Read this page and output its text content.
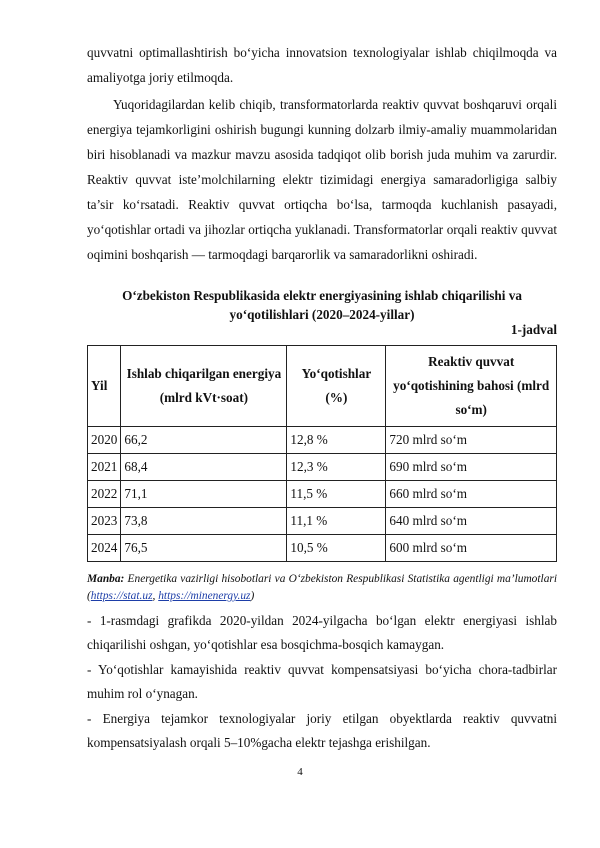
quvvatni optimallashtirish bo‘yicha innovatsion texnologiyalar ishlab chiqilmoqda va amaliyotga joriy etilmoqda.

Yuqoridagilardan kelib chiqib, transformatorlarda reaktiv quvvat boshqaruvi orqali energiya tejamkorligini oshirish bugungi kunning dolzarb ilmiy-amaliy muammolaridan biri hisoblanadi va mazkur mavzu asosida tadqiqot olib borish juda muhim va zarurdir. Reaktiv quvvat iste’molchilarning elektr tizimidagi energiya samaradorligiga salbiy ta’sir ko‘rsatadi. Reaktiv quvvat ortiqcha bo‘lsa, tarmoqda kuchlanish pasayadi, yo‘qotishlar ortadi va jihozlar ortiqcha yuklanadi. Transformatorlar orqali reaktiv quvvat oqimini boshqarish — tarmoqdagi barqarorlik va samaradorlikni oshiradi.

O‘zbekiston Respublikasida elektr energiyasining ishlab chiqarilishi va yo‘qotilishlari (2020–2024-yillar)

1-jadval
Yil	Ishlab chiqarilgan energiya (mlrd kVt·soat)	Yo‘qotishlar (%)	Reaktiv quvvat yo‘qotishining bahosi (mlrd so‘m)
2020	66,2	12,8 %	720 mlrd so‘m
2021	68,4	12,3 %	690 mlrd so‘m
2022	71,1	11,5 %	660 mlrd so‘m
2023	73,8	11,1 %	640 mlrd so‘m
2024	76,5	10,5 %	600 mlrd so‘m

Manba: Energetika vazirligi hisobotlari va O‘zbekiston Respublikasi Statistika agentligi ma’lumotlari (https://stat.uz, https://minenergy.uz)

- 1-rasmdagi grafikda 2020-yildan 2024-yilgacha bo‘lgan elektr energiyasi ishlab chiqarilishi oshgan, yo‘qotishlar esa bosqichma-bosqich kamaygan.

- Yo‘qotishlar kamayishida reaktiv quvvat kompensatsiyasi bo‘yicha chora-tadbirlar muhim rol o‘ynagan.

- Energiya tejamkor texnologiyalar joriy etilgan obyektlarda reaktiv quvvatni kompensatsiyalash orqali 5–10%gacha elektr tejashga erishilgan.

4
